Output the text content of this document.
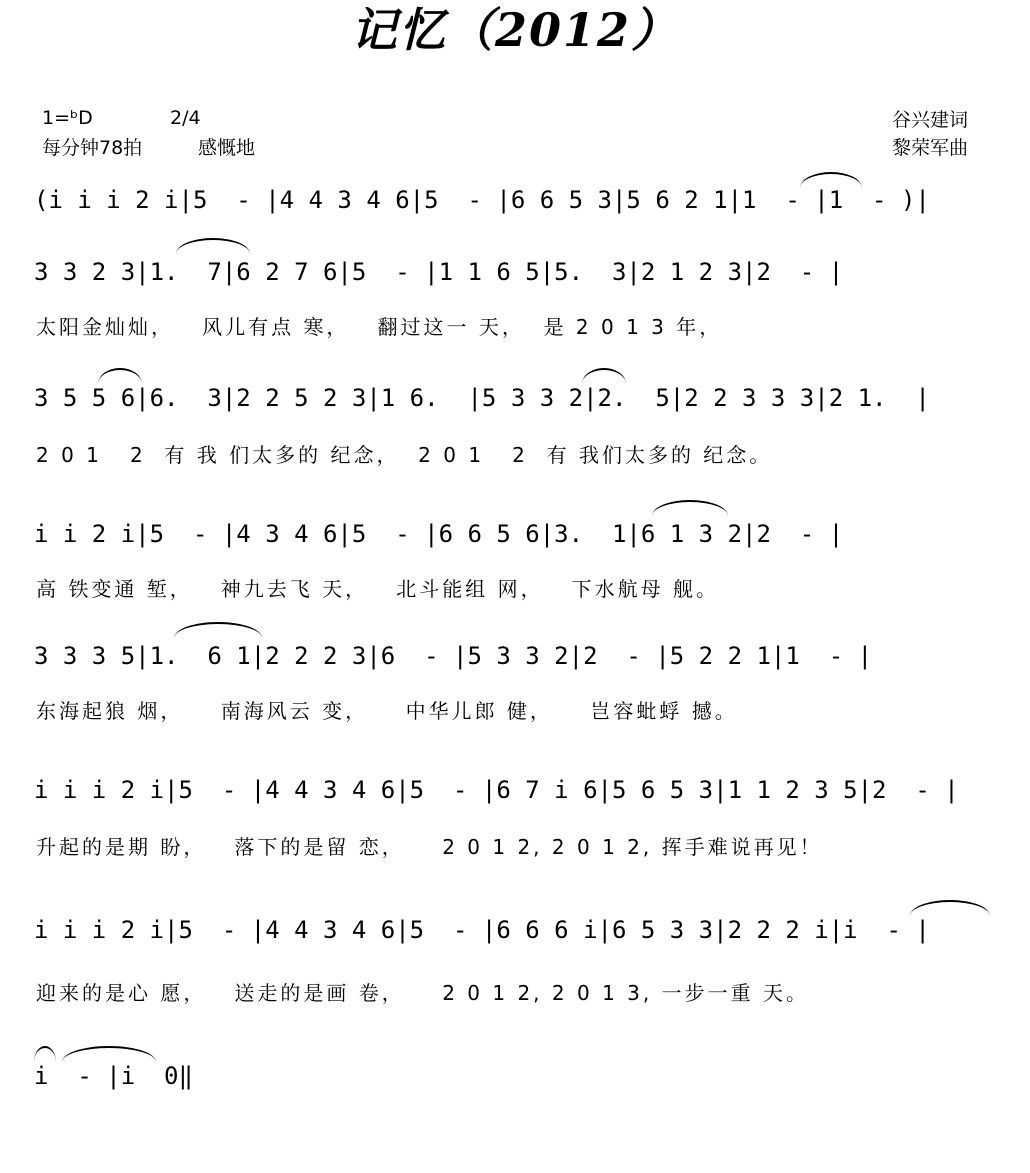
记忆（2012）
1=ᵇD	2/4
每分钟78拍	感慨地
谷兴建词
黎荣军曲
(i i i 2 i|5  - |4 4 3 4 6|5  - |6 6 5 3|5 6 2 1|1  - |1  - )|
3 3 2 3|1.  7|6 2 7 6|5  - |1 1 6 5|5.  3|2 1 2 3|2  - |
太阳金灿灿，   风儿有点 寒，   翻过这一 天，  是 2 0 1 3 年，
3 5 5 6|6.  3|2 2 5 2 3|1 6.  |5 3 3 2|2.  5|2 2 3 3 3|2 1.  |
2 0 1   2  有 我 们太多的 纪念，  2 0 1   2  有 我们太多的 纪念。
i i 2 i|5  - |4 3 4 6|5  - |6 6 5 6|3.  1|6 1 3 2|2  - |
高 铁变通 堑，   神九去飞 天，   北斗能组 网，   下水航母 舰。
3 3 3 5|1.  6 1|2 2 2 3|6  - |5 3 3 2|2  - |5 2 2 1|1  - |
东海起狼 烟，    南海风云 变，    中华儿郎 健，    岂容蚍蜉 撼。
i i i 2 i|5  - |4 4 3 4 6|5  - |6 7 i 6|5 6 5 3|1 1 2 3 5|2  - |
升起的是期 盼，   落下的是留 恋，    2 0 1 2, 2 0 1 2, 挥手难说再见！
i i i 2 i|5  - |4 4 3 4 6|5  - |6 6 6 i|6 5 3 3|2 2 2 i|i  - |
迎来的是心 愿，   送走的是画 卷，    2 0 1 2, 2 0 1 3, 一步一重 天。
i  - |i  0‖
